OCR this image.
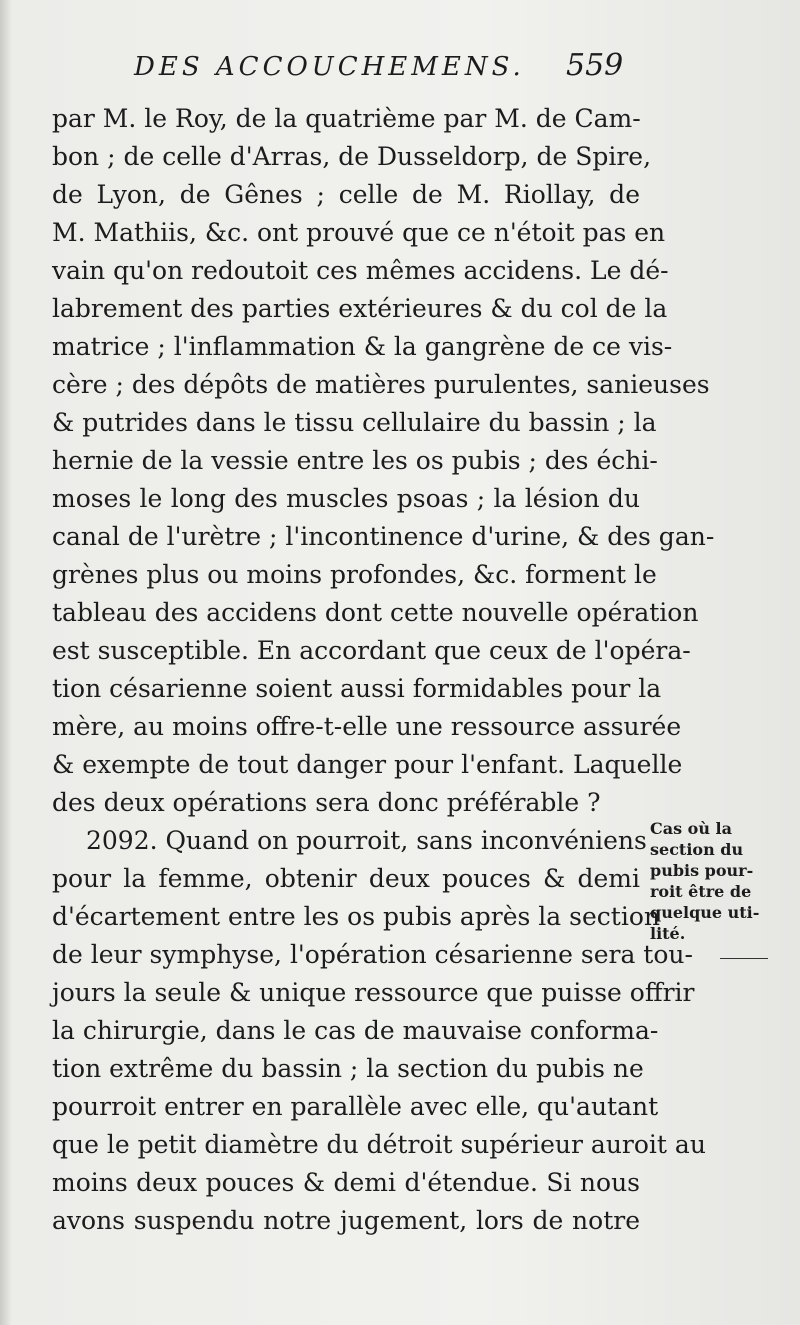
DES ACCOUCHEMENS.	559
par M. le Roy, de la quatrième par M. de Cam-
bon ; de celle d'Arras, de Dusseldorp, de Spire,
de Lyon, de Gênes ; celle de M. Riollay, de
M. Mathiis, &c. ont prouvé que ce n'étoit pas en
vain qu'on redoutoit ces mêmes accidens. Le dé-
labrement des parties extérieures & du col de la
matrice ; l'inflammation & la gangrène de ce vis-
cère ; des dépôts de matières purulentes, sanieuses
& putrides dans le tissu cellulaire du bassin ; la
hernie de la vessie entre les os pubis ; des échi-
moses le long des muscles psoas ; la lésion du
canal de l'urètre ; l'incontinence d'urine, & des gan-
grènes plus ou moins profondes, &c. forment le
tableau des accidens dont cette nouvelle opération
est susceptible. En accordant que ceux de l'opéra-
tion césarienne soient aussi formidables pour la
mère, au moins offre-t-elle une ressource assurée
& exempte de tout danger pour l'enfant. Laquelle
des deux opérations sera donc préférable ?
2092. Quand on pourroit, sans inconvéniens
pour la femme, obtenir deux pouces & demi
d'écartement entre les os pubis après la section
de leur symphyse, l'opération césarienne sera tou-
jours la seule & unique ressource que puisse offrir
la chirurgie, dans le cas de mauvaise conforma-
tion extrême du bassin ; la section du pubis ne
pourroit entrer en parallèle avec elle, qu'autant
que le petit diamètre du détroit supérieur auroit au
moins deux pouces & demi d'étendue. Si nous
avons suspendu notre jugement, lors de notre
Cas où la
section du
pubis pour-
roit être de
quelque uti-
lité.
